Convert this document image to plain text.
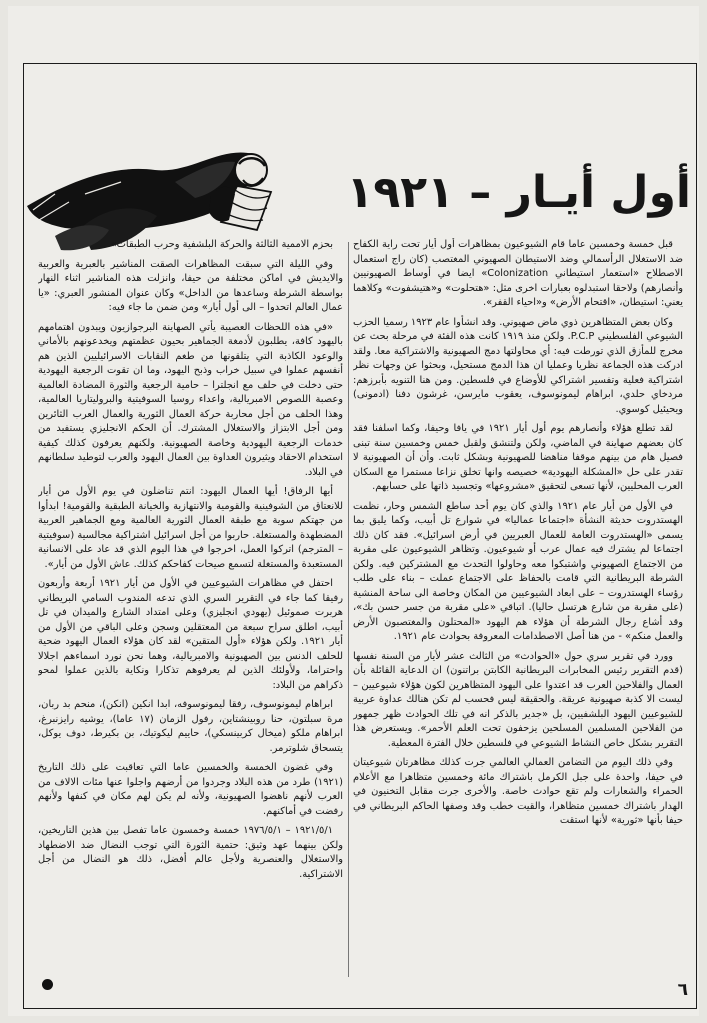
أول أيـار – ١٩٢١

قبل خمسة وخمسين عاما قام الشيوعيون بمظاهرات أول أيار تحت راية الكفاح ضد الاستغلال الرأسمالي وضد الاستيطان الصهيوني المغتصب (كان راج استعمال الاصطلاح «استعمار استيطاني Colonization» ايضا في أوساط الصهيونيين وأنصارهم) ولاحقا استبدلوه بعبارات اخرى مثل: «هتحلوت» و«هتيشفوت» وكلاهما يعني: استيطان، «اقتحام الأرض» و«احياء القفر».

وكان بعض المتظاهرين ذوي ماض صهيوني. وقد انشأوا عام ١٩٢٣ رسميا الحزب الشيوعي الفلسطيني P.C.P. ولكن منذ ١٩١٩ كانت هذه الفئة في مرحلة بحث عن مخرج للمأزق الذي تورطت فيه: أي محاولتها دمج الصهيونية والاشتراكية معا. ولقد ادركت هذه الجماعة نظريا وعمليا ان هذا الدمج مستحيل، وبحثوا عن وجهات نظر اشتراكية فعلية وتفسير اشتراكي للأوضاع في فلسطين. ومن هنا التنويه بأبرزهم: مردخاي حلدي، ابراهام ليمونوسوف، يعقوب مايرسن، غرشون دفنا (ادمونى) ويحيئيل كوسوي.

لقد تطلع هؤلاء وأنصارهم يوم أول أيار ١٩٢١ في يافا وحيفا، وكما اسلفنا فقد كان بعضهم صهاينة في الماضي، ولكن ولتنشق ولقبل خمس وخمسين سنة تبنى فصيل هام من بينهم موقفا مناهضا للصهيونية وبشكل ثابت. وأن أن الصهيونية لا تقدر على حل «المشكلة اليهودية» خصيصه وانها تخلق نزاعا مستمرا مع السكان العرب المحليين، لأنها تسعى لتحقيق «مشروعها» وتجسيد ذاتها على حسابهم.

في الأول من أيار عام ١٩٢١ والذي كان يوم أحد ساطع الشمس وحار، نظمت الهستدروت حديثة النشأة «اجتماعا عماليا» في شوارع تل أبيب، وكما يليق بما يسمى «الهستدروت العامة للعمال العبريين في أرض اسرائيل». فقد كان ذلك اجتماعا لم يشترك فيه عمال عرب أو شيوعيون. وتظاهر الشيوعيون على مقربة من الاجتماع الصهيوني واشتبكوا معه وحاولوا التحدث مع المشتركين فيه. ولكن الشرطة البريطانية التي قامت بالحفاظ على الاجتماع عملت – بناء على طلب رؤساء الهستدروت – على ابعاد الشيوعيين من المكان وخاصة الى ساحة المنشية (على مقربة من شارع هرتسل حاليا). اتباقي «على مقربة من جسر حسن بك»، وقد أشاع رجال الشرطة أن هؤلاء هم اليهود «المحتلون والمغتصبون الأرض والعمل منكم» - من هنا أصل الاصطدامات المعروفة بحوادث عام ١٩٢١.

وورد في تقرير سري حول «الحوادث» من الثالث عشر لأيار من السنة نفسها (قدم التقرير رئيس المخابرات البريطانية الكابتن براتنون) ان الدعاية القائلة بأن العمال والفلاحين العرب قد اعتدوا على اليهود المتظاهرين لكون هؤلاء شيوعيين – ليست الا كذبة صهيونية عريقة. والحقيقة ليس فحسب لم تكن هنالك عداوة عربية للشيوعيين اليهود البلشفيين، بل «جدير بالذكر انه في تلك الحوادث ظهر جمهور من الفلاحين المسلمين المسلحين يزحفون تحت العلم الأحمر». ويستعرض هذا التقرير بشكل خاص النشاط الشيوعي في فلسطين خلال الفترة المعطية.

وفي ذلك اليوم من التضامن العمالي العالمي جرت كذلك مظاهرتان شيوعيتان في حيفا، واحدة على جبل الكرمل باشتراك مائة وخمسين متظاهرا مع الأعلام الحمراء والشعارات ولم تقع حوادث خاصة. والأخرى جرت مقابل التخنيون في الهدار باشتراك خمسين متظاهرا، والقيت خطب وقد وصفها الحاكم البريطاني في حيفا بأنها «ثورية» لأنها استقت

بحزم الاممية الثالثة والحركة البلشفية وحرب الطبقات».

وفي الليلة التي سبقت المظاهرات الصقت المناشير بالعبرية والعربية والايديش في اماكن مختلفة من حيفا، وانزلت هذه المناشير اثناء النهار بواسطة الشرطة وساعدها من الداخل» وكان عنوان المنشور العبري: «يا عمال العالم اتحدوا – الى أول أيار» ومن ضمن ما جاء فيه:

«في هذه اللحظات العصيبة يأتي الصهاينة البرجوازيون ويبدون اهتمامهم باليهود كافة، يطلبون لأدمغة الجماهير بحيون عظمتهم ويخدعونهم بالأماني والوعود الكاذبة التي يتلقونها من طغم النقابات الاسرائيليين الذين هم أنفسهم عملوا في سبيل خراب وذبح اليهود، وما ان تقوت الرجعية اليهودية حتى دخلت في حلف مع انجلترا – حامية الرجعية والثورة المضادة العالمية وعصبة اللصوص الامبريالية، واعداء روسيا السوفيتية والبروليتاريا العالمية، وهذا الحلف من أجل محاربة حركة العمال الثورية والعمال العرب الثائرين ومن أجل الابتزاز والاستغلال المشترك. أن الحكم الانجليزي يستفيد من خدمات الرجعية اليهودية وخاصة الصهيونية. ولكنهم يعرفون كذلك كيفية استخدام الاحقاد ويثيرون العداوة بين العمال اليهود والعرب لتوطيد سلطانهم في البلاد.

أيها الرفاق! أيها العمال اليهود: انتم تناضلون في يوم الأول من أيار للانعتاق من الشوفينية والقومية والانتهازية والخيانة الطبقية والقومية! ابدأوا من جهتكم سوية مع طبقة العمال الثورية العالمية ومع الجماهير العربية المضطهدة والمستغلة. حاربوا من أجل اسرائيل اشتراكية مجالسية (سوفيتية – المترجم) اتركوا العمل، اخرجوا في هذا اليوم الذي قد عاد على الانسانية المستعبدة والمستغلة لتسمع صيحات كفاحكم كذلك. عاش الأول من أيار».

احتفل في مظاهرات الشيوعيين في الأول من أيار ١٩٢١ أربعة وأربعون رفيقا كما جاء في التقرير السري الذي تدعه المندوب السامي البريطاني هربرت صموئيل (يهودي انجليزي) وعلى امتداد الشارع والميدان في تل أبيب، اطلق سراح سبعة من المعتقلين وسجن وعلى الباقي من الأول من أيار ١٩٢١. ولكن هؤلاء «أول المتقين» لقد كان هؤلاء العمال اليهود ضحية للحلف الدنس بين الصهيونية والامبريالية، وهما نحن نورد اسماءهم اجلالا واحتراما، ولأولئك الذين لم يعرفوهم تذكارا ونكاية بالذين عملوا لمحو ذكراهم من البلاد:

ابراهام ليمونوسوف، رفقا ليمونوسوفه، ابدا انكين (انكن)، منحم بد ربان، مرة سبلتون، حنا روبينشتاين، رفول الزمان (١٧ عاما)، يوشيه رايزنبرغ، ابراهام ملكو (ميخال كربينسكي)، حاييم ليكوتيك، بن بكيرط، دوف يوكل، يتسحاق شلوترمر.

وفي غضون الخمسة والخمسين عاما التي تعاقبت على ذلك التاريخ (١٩٢١) طرد من هذه البلاد وجردوا من أرضهم واجلوا عنها مئات الالاف من العرب لأنهم ناهضوا الصهيونية، ولأنه لم يكن لهم مكان في كنفها ولأنهم رفضت في أماكنهم.

١٩٢١/٥/١ – ١٩٧٦/٥/١ خمسة وخمسون عاما تفصل بين هذين التاريخين، ولكن بينهما عهد وثيق: حتمية الثورة التي توجب النضال ضد الاضطهاد والاستغلال والعنصرية ولأجل عالم أفضل، ذلك هو النضال من أجل الاشتراكية.

٦
